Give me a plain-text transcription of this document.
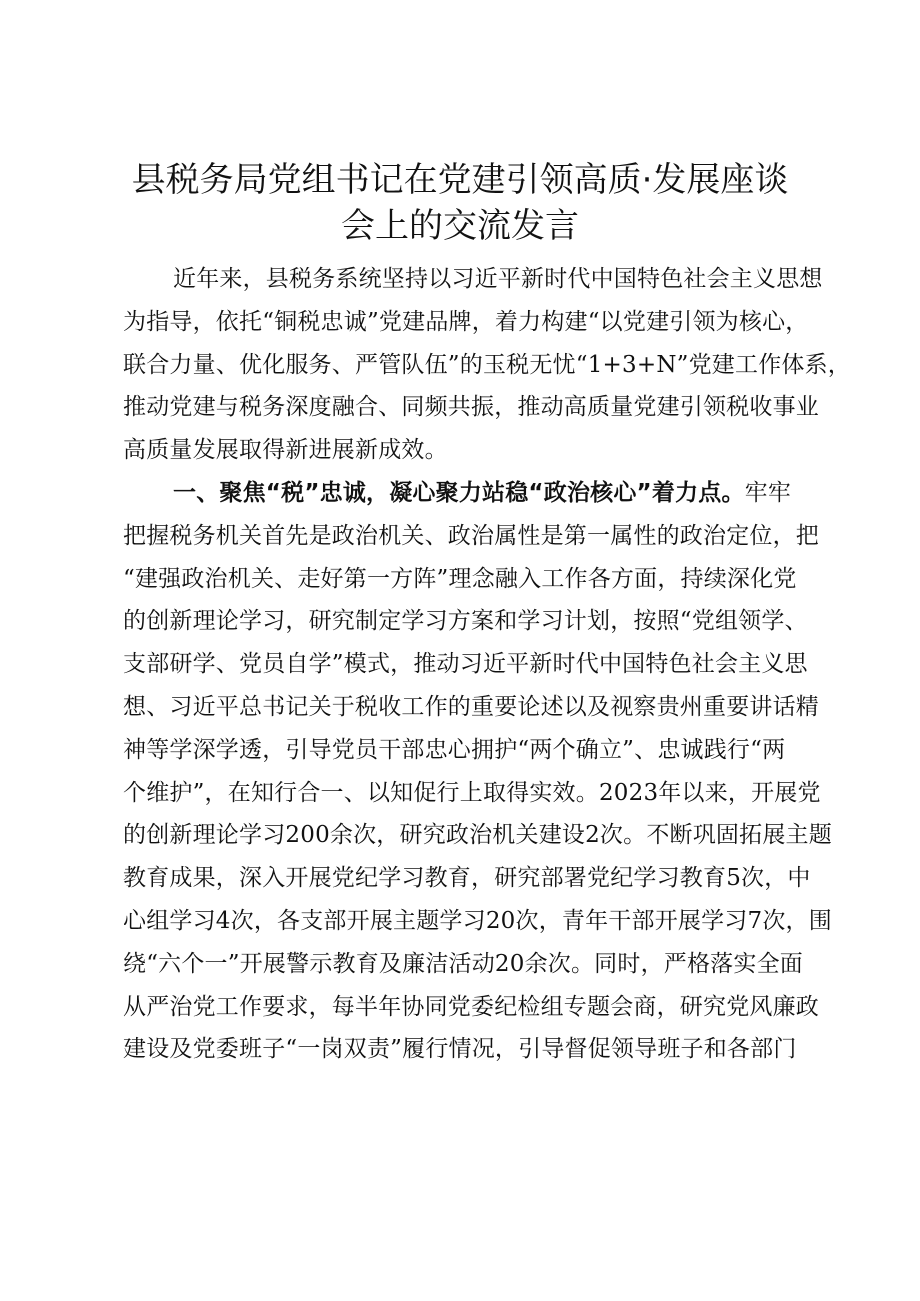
县税务局党组书记在党建引领高质·发展座谈
会上的交流发言
近年来，县税务系统坚持以习近平新时代中国特色社会主义思想
为指导，依托“铜税忠诚”党建品牌，着力构建“以党建引领为核心，
联合力量、优化服务、严管队伍”的玉税无忧“1+3+N”党建工作体系，
推动党建与税务深度融合、同频共振，推动高质量党建引领税收事业
高质量发展取得新进展新成效。
一、聚焦“税”忠诚，凝心聚力站稳“政治核心”着力点。牢牢
把握税务机关首先是政治机关、政治属性是第一属性的政治定位，把
“建强政治机关、走好第一方阵”理念融入工作各方面，持续深化党
的创新理论学习，研究制定学习方案和学习计划，按照“党组领学、
支部研学、党员自学”模式，推动习近平新时代中国特色社会主义思
想、习近平总书记关于税收工作的重要论述以及视察贵州重要讲话精
神等学深学透，引导党员干部忠心拥护“两个确立”、忠诚践行“两
个维护”，在知行合一、以知促行上取得实效。2023年以来，开展党
的创新理论学习200余次，研究政治机关建设2次。不断巩固拓展主题
教育成果，深入开展党纪学习教育，研究部署党纪学习教育5次，中
心组学习4次，各支部开展主题学习20次，青年干部开展学习7次，围
绕“六个一”开展警示教育及廉洁活动20余次。同时，严格落实全面
从严治党工作要求，每半年协同党委纪检组专题会商，研究党风廉政
建设及党委班子“一岗双责”履行情况，引导督促领导班子和各部门
